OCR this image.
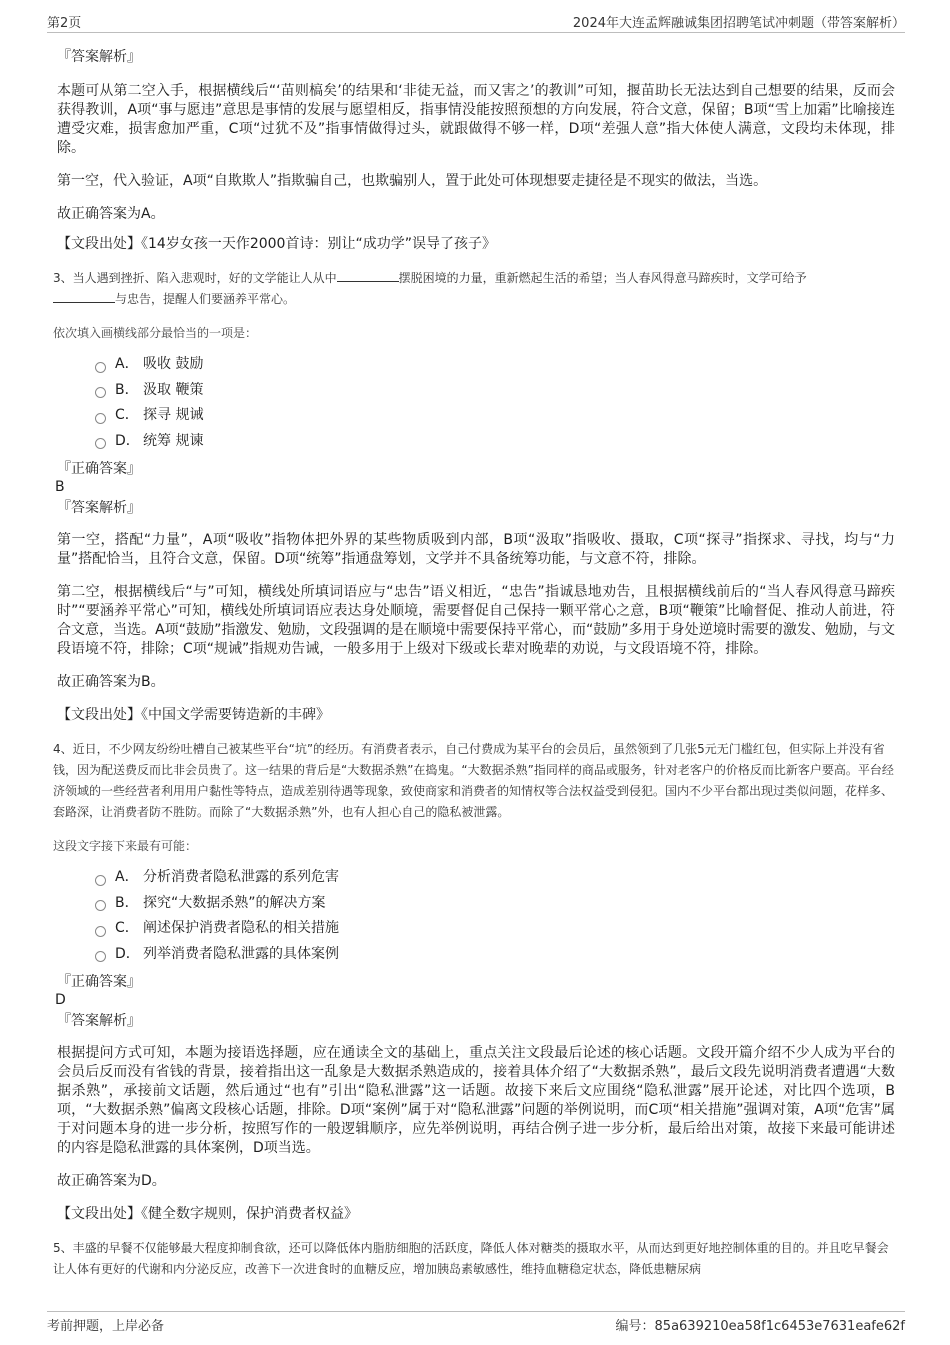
第2页	2024年大连孟辉融诚集团招聘笔试冲刺题（带答案解析）
『答案解析』

本题可从第二空入手，根据横线后“‘苗则槁矣’的结果和‘非徒无益，而又害之’的教训”可知，揠苗助长无法达到自己想要的结果，反而会获得教训，A项“事与愿违”意思是事情的发展与愿望相反，指事情没能按照预想的方向发展，符合文意，保留；B项“雪上加霜”比喻接连遭受灾难，损害愈加严重，C项“过犹不及”指事情做得过头，就跟做得不够一样，D项“差强人意”指大体使人满意，文段均未体现，排除。

第一空，代入验证，A项“自欺欺人”指欺骗自己，也欺骗别人，置于此处可体现想要走捷径是不现实的做法，当选。

故正确答案为A。

【文段出处】《14岁女孩一天作2000首诗：别让“成功学”误导了孩子》

3、当人遇到挫折、陷入悲观时，好的文学能让人从中	摆脱困境的力量，重新燃起生活的希望；当人春风得意马蹄疾时，文学可给予
与忠告，提醒人们要涵养平常心。
依次填入画横线部分最恰当的一项是：
A． 吸收 鼓励
B． 汲取 鞭策
C． 探寻 规诫
D． 统筹 规谏
『正确答案』
B
『答案解析』

第一空，搭配“力量”，A项“吸收”指物体把外界的某些物质吸到内部，B项“汲取”指吸收、摄取，C项“探寻”指探求、寻找，均与“力量”搭配恰当，且符合文意，保留。D项“统筹”指通盘筹划，文学并不具备统筹功能，与文意不符，排除。

第二空，根据横线后“与”可知，横线处所填词语应与“忠告”语义相近，“忠告”指诚恳地劝告，且根据横线前后的“当人春风得意马蹄疾时”“要涵养平常心”可知，横线处所填词语应表达身处顺境，需要督促自己保持一颗平常心之意，B项“鞭策”比喻督促、推动人前进，符合文意，当选。A项“鼓励”指激发、勉励，文段强调的是在顺境中需要保持平常心，而“鼓励”多用于身处逆境时需要的激发、勉励，与文段语境不符，排除；C项“规诫”指规劝告诫，一般多用于上级对下级或长辈对晚辈的劝说，与文段语境不符，排除。

故正确答案为B。

【文段出处】《中国文学需要铸造新的丰碑》

4、近日，不少网友纷纷吐槽自己被某些平台“坑”的经历。有消费者表示，自己付费成为某平台的会员后，虽然领到了几张5元无门槛红包，但实际上并没有省钱，因为配送费反而比非会员贵了。这一结果的背后是“大数据杀熟”在捣鬼。“大数据杀熟”指同样的商品或服务，针对老客户的价格反而比新客户要高。平台经济领域的一些经营者利用用户黏性等特点，造成差别待遇等现象，致使商家和消费者的知情权等合法权益受到侵犯。国内不少平台都出现过类似问题，花样多、套路深，让消费者防不胜防。而除了“大数据杀熟”外，也有人担心自己的隐私被泄露。
这段文字接下来最有可能：
A． 分析消费者隐私泄露的系列危害
B． 探究“大数据杀熟”的解决方案
C． 阐述保护消费者隐私的相关措施
D． 列举消费者隐私泄露的具体案例
『正确答案』
D
『答案解析』

根据提问方式可知，本题为接语选择题，应在通读全文的基础上，重点关注文段最后论述的核心话题。文段开篇介绍不少人成为平台的会员后反而没有省钱的背景，接着指出这一乱象是大数据杀熟造成的，接着具体介绍了“大数据杀熟”，最后文段先说明消费者遭遇“大数据杀熟”，承接前文话题，然后通过“也有”引出“隐私泄露”这一话题。故接下来后文应围绕“隐私泄露”展开论述，对比四个选项，B项，“大数据杀熟”偏离文段核心话题，排除。D项“案例”属于对“隐私泄露”问题的举例说明，而C项“相关措施”强调对策，A项“危害”属于对问题本身的进一步分析，按照写作的一般逻辑顺序，应先举例说明，再结合例子进一步分析，最后给出对策，故接下来最可能讲述的内容是隐私泄露的具体案例，D项当选。

故正确答案为D。

【文段出处】《健全数字规则，保护消费者权益》

5、丰盛的早餐不仅能够最大程度抑制食欲，还可以降低体内脂肪细胞的活跃度，降低人体对糖类的摄取水平，从而达到更好地控制体重的目的。并且吃早餐会让人体有更好的代谢和内分泌反应，改善下一次进食时的血糖反应，增加胰岛素敏感性，维持血糖稳定状态，降低患糖尿病
考前押题，上岸必备	编号：85a639210ea58f1c6453e7631eafe62f
